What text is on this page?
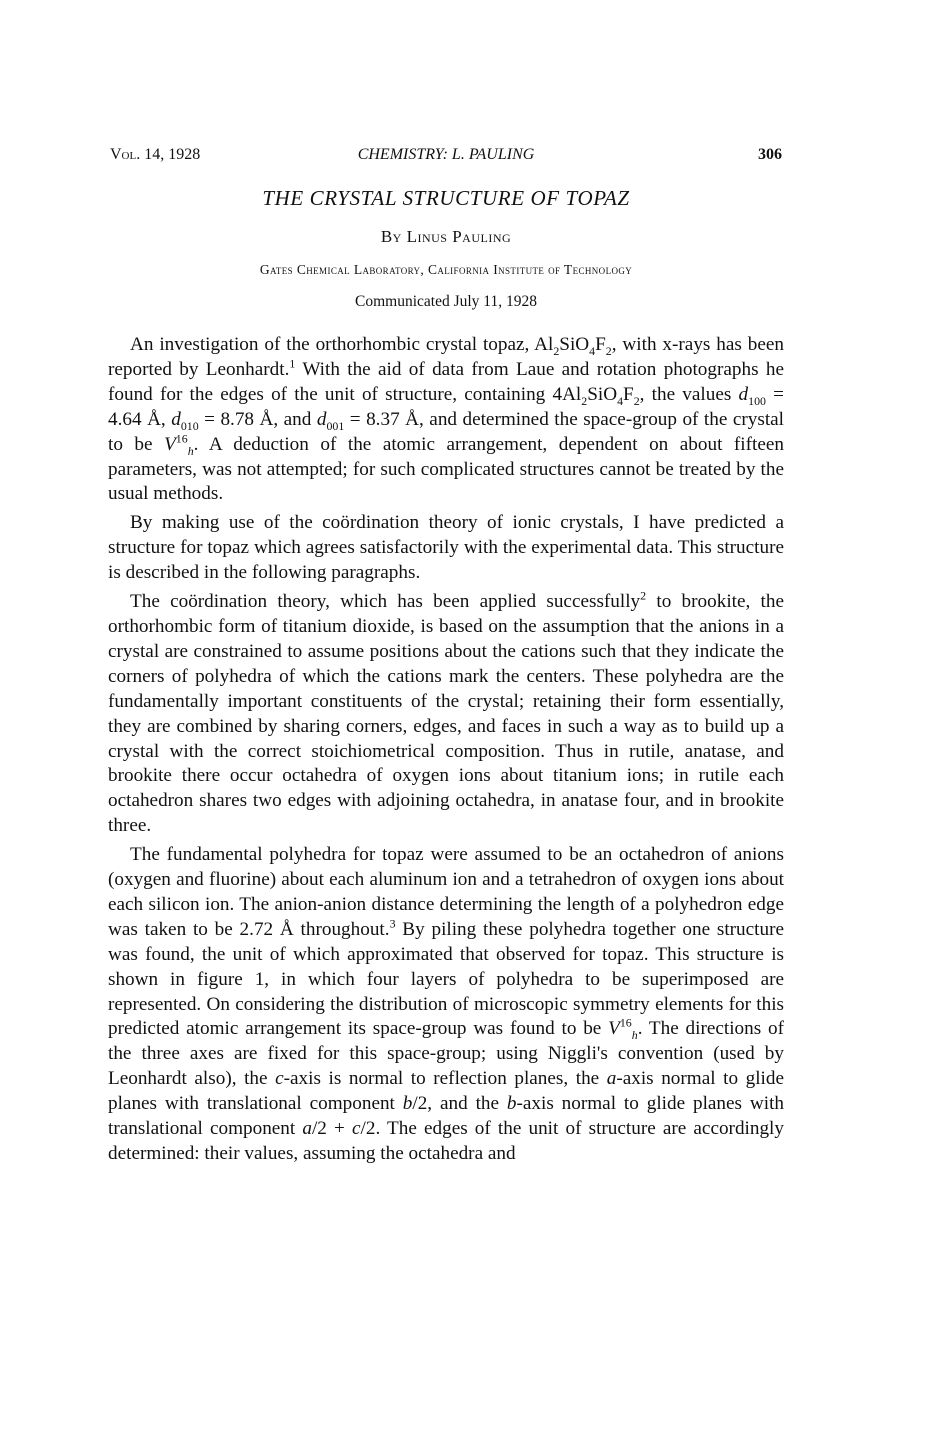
Vol. 14, 1928	CHEMISTRY: L. PAULING	306
THE CRYSTAL STRUCTURE OF TOPAZ
By Linus Pauling
Gates Chemical Laboratory, California Institute of Technology
Communicated July 11, 1928

An investigation of the orthorhombic crystal topaz, $Al_2SiO_4F_2$, with x-rays has been reported by Leonhardt.$^1$ With the aid of data from Laue and rotation photographs he found for the edges of the unit of structure, containing $4Al_2SiO_4F_2$, the values $d_{100} = 4.64$ Å, $d_{010} = 8.78$ Å, and $d_{001} = 8.37$ Å, and determined the space-group of the crystal to be $V^{16}_h$. A deduction of the atomic arrangement, dependent on about fifteen parameters, was not attempted; for such complicated structures cannot be treated by the usual methods.

By making use of the coördination theory of ionic crystals, I have predicted a structure for topaz which agrees satisfactorily with the experimental data. This structure is described in the following paragraphs.

The coördination theory, which has been applied successfully$^2$ to brookite, the orthorhombic form of titanium dioxide, is based on the assumption that the anions in a crystal are constrained to assume positions about the cations such that they indicate the corners of polyhedra of which the cations mark the centers. These polyhedra are the fundamentally important constituents of the crystal; retaining their form essentially, they are combined by sharing corners, edges, and faces in such a way as to build up a crystal with the correct stoichiometrical composition. Thus in rutile, anatase, and brookite there occur octahedra of oxygen ions about titanium ions; in rutile each octahedron shares two edges with adjoining octahedra, in anatase four, and in brookite three.

The fundamental polyhedra for topaz were assumed to be an octahedron of anions (oxygen and fluorine) about each aluminum ion and a tetrahedron of oxygen ions about each silicon ion. The anion-anion distance determining the length of a polyhedron edge was taken to be 2.72 Å throughout.$^3$ By piling these polyhedra together one structure was found, the unit of which approximated that observed for topaz. This structure is shown in figure 1, in which four layers of polyhedra to be superimposed are represented. On considering the distribution of microscopic symmetry elements for this predicted atomic arrangement its space-group was found to be $V^{16}_h$. The directions of the three axes are fixed for this space-group; using Niggli's convention (used by Leonhardt also), the c-axis is normal to reflection planes, the a-axis normal to glide planes with translational component b/2, and the b-axis normal to glide planes with translational component a/2 + c/2. The edges of the unit of structure are accordingly determined: their values, assuming the octahedra and
